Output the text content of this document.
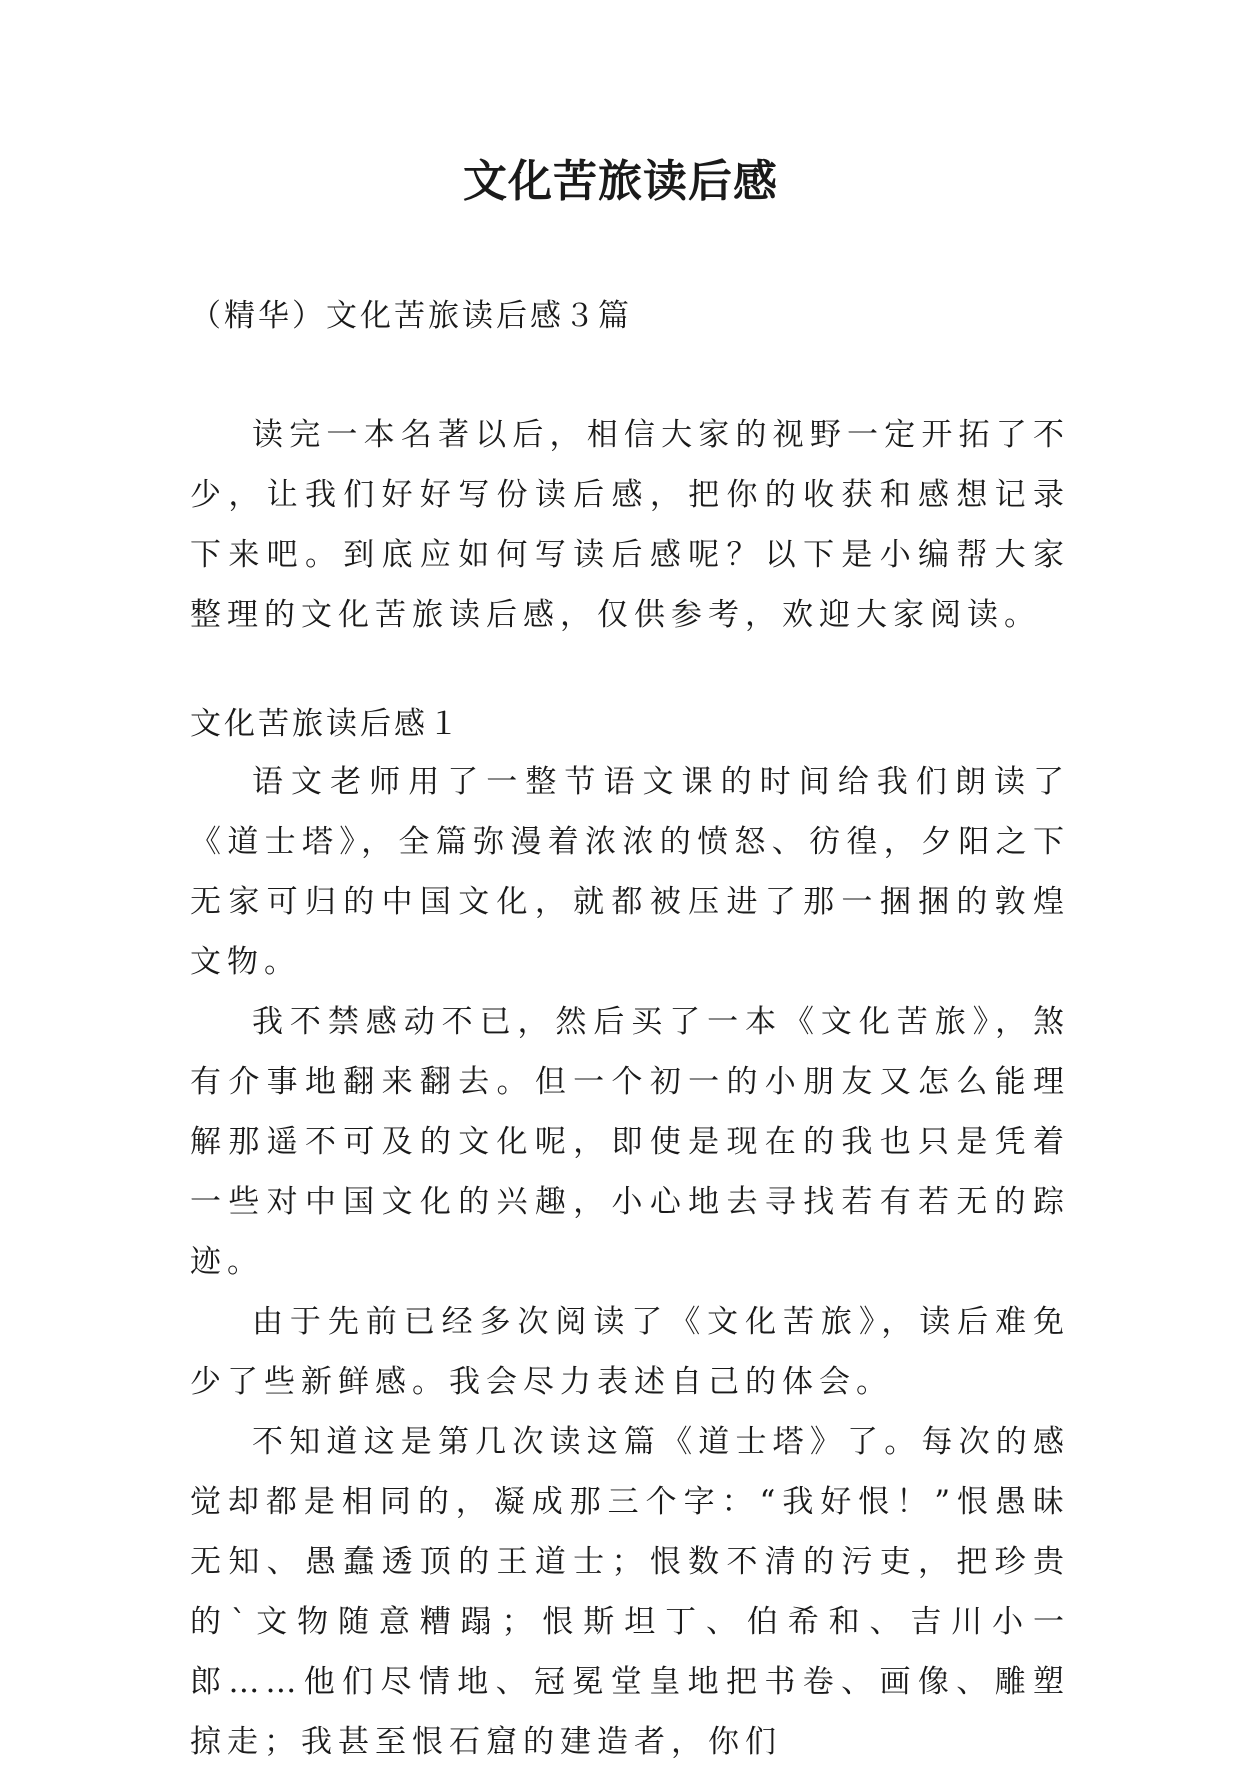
文化苦旅读后感

（精华）文化苦旅读后感３篇

读完一本名著以后，相信大家的视野一定开拓了不少，让我们好好写份读后感，把你的收获和感想记录下来吧。到底应如何写读后感呢？以下是小编帮大家整理的文化苦旅读后感，仅供参考，欢迎大家阅读。

文化苦旅读后感１

语文老师用了一整节语文课的时间给我们朗读了《道士塔》，全篇弥漫着浓浓的愤怒、彷徨，夕阳之下无家可归的中国文化，就都被压进了那一捆捆的敦煌文物。

我不禁感动不已，然后买了一本《文化苦旅》，煞有介事地翻来翻去。但一个初一的小朋友又怎么能理解那遥不可及的文化呢，即使是现在的我也只是凭着一些对中国文化的兴趣，小心地去寻找若有若无的踪迹。

由于先前已经多次阅读了《文化苦旅》，读后难免少了些新鲜感。我会尽力表述自己的体会。

不知道这是第几次读这篇《道士塔》了。每次的感觉却都是相同的，凝成那三个字：“我好恨！”恨愚昧无知、愚蠢透顶的王道士；恨数不清的污吏，把珍贵的`文物随意糟蹋；恨斯坦丁、伯希和、吉川小一郎……他们尽情地、冠冕堂皇地把书卷、画像、雕塑掠走；我甚至恨石窟的建造者，你们
